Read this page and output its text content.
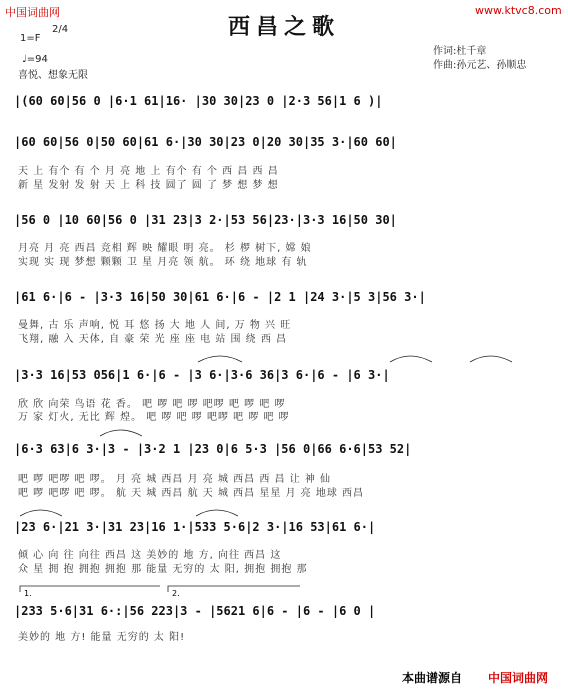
中国词曲网	www.ktvc8.com
西昌之歌
1=F
2/4
♩=94
喜悦、想象无限
作词:杜千章
作曲:孙元艺、孙顺忠
|(60 60|56 0 |6·1 61|16· |30 30|23 0 |2·3 56|1 6 )|
|60 60|56 0|50 60|61 6·|30 30|23 0|20 30|35 3·|60 60|
天 上 有个 有 个 月 亮 地 上 有个 有 个 西 昌 西 昌
新 星 发射 发 射 天 上 科 技 圆了 圆 了 梦 想 梦 想
|56 0 |10 60|56 0 |31 23|3 2·|53 56|23·|3·3 16|50 30|
月亮 月 亮 西昌 竞相 辉 映 耀眼 明 亮。 杉 椤 树下, 嫦 娘
实现 实 现 梦想 颗颗 卫 星 月亮 领 航。 环 绕 地球 有 轨
|61 6·|6 - |3·3 16|50 30|61 6·|6 - |2 1 |24 3·|5 3|56 3·|
曼舞, 古 乐 声响, 悦 耳 悠 扬 大 地 人 间, 万 物 兴 旺
飞翔, 融 入 天体, 自 豪 荣 光 座 座 电 站 围 绕 西 昌
|3·3 16|53 056|1 6·|6 - |3 6·|3·6 36|3 6·|6 - |6 3·|
欣 欣 向荣 鸟语 花 香。 吧 啰 吧 啰 吧啰 吧 啰 吧 啰
万 家 灯火, 无比 辉 煌。 吧 啰 吧 啰 吧啰 吧 啰 吧 啰
|6·3 63|6 3·|3 - |3·2 1 |23 0|6 5·3 |56 0|66 6·6|53 52|
吧 啰 吧啰 吧 啰。 月 亮 城 西昌 月 亮 城 西昌 西 昌 让 神 仙
吧 啰 吧啰 吧 啰。 航 天 城 西昌 航 天 城 西昌 星星 月 亮 地球 西昌
|23 6·|21 3·|31 23|16 1·|533 5·6|2 3·|16 53|61 6·|
倾 心 向 往 向往 西昌 这 美妙的 地 方, 向往 西昌 这
众 星 拥 抱 拥抱 拥抱 那 能量 无穷的 太 阳, 拥抱 拥抱 那
|233 5·6|31 6·:|56 223|3 - |5621 6|6 - |6 - |6 0 |
美妙的 地 方! 能量 无穷的 太 阳!
1.	2.
本曲谱源自 中国词曲网
